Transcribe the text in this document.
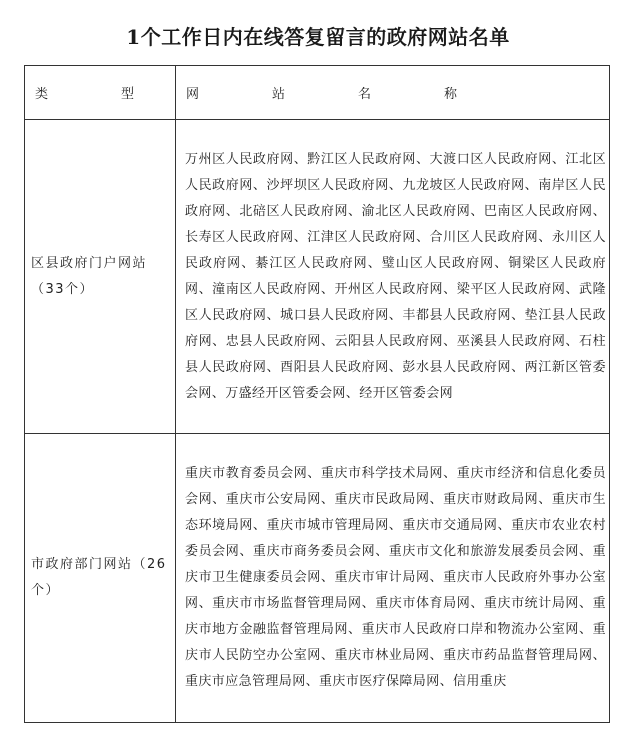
1个工作日内在线答复留言的政府网站名单
类　型	网　站　名　称
区县政府门户网站
（33个）	万州区人民政府网、黔江区人民政府网、大渡口区人民政府网、江北区人民政府网、沙坪坝区人民政府网、九龙坡区人民政府网、南岸区人民政府网、北碚区人民政府网、渝北区人民政府网、巴南区人民政府网、长寿区人民政府网、江津区人民政府网、合川区人民政府网、永川区人民政府网、綦江区人民政府网、璧山区人民政府网、铜梁区人民政府网、潼南区人民政府网、开州区人民政府网、梁平区人民政府网、武隆区人民政府网、城口县人民政府网、丰都县人民政府网、垫江县人民政府网、忠县人民政府网、云阳县人民政府网、巫溪县人民政府网、石柱县人民政府网、酉阳县人民政府网、彭水县人民政府网、两江新区管委会网、万盛经开区管委会网、经开区管委会网
市政府部门网站（26
个）	重庆市教育委员会网、重庆市科学技术局网、重庆市经济和信息化委员会网、重庆市公安局网、重庆市民政局网、重庆市财政局网、重庆市生态环境局网、重庆市城市管理局网、重庆市交通局网、重庆市农业农村委员会网、重庆市商务委员会网、重庆市文化和旅游发展委员会网、重庆市卫生健康委员会网、重庆市审计局网、重庆市人民政府外事办公室网、重庆市市场监督管理局网、重庆市体育局网、重庆市统计局网、重庆市地方金融监督管理局网、重庆市人民政府口岸和物流办公室网、重庆市人民防空办公室网、重庆市林业局网、重庆市药品监督管理局网、重庆市应急管理局网、重庆市医疗保障局网、信用重庆
